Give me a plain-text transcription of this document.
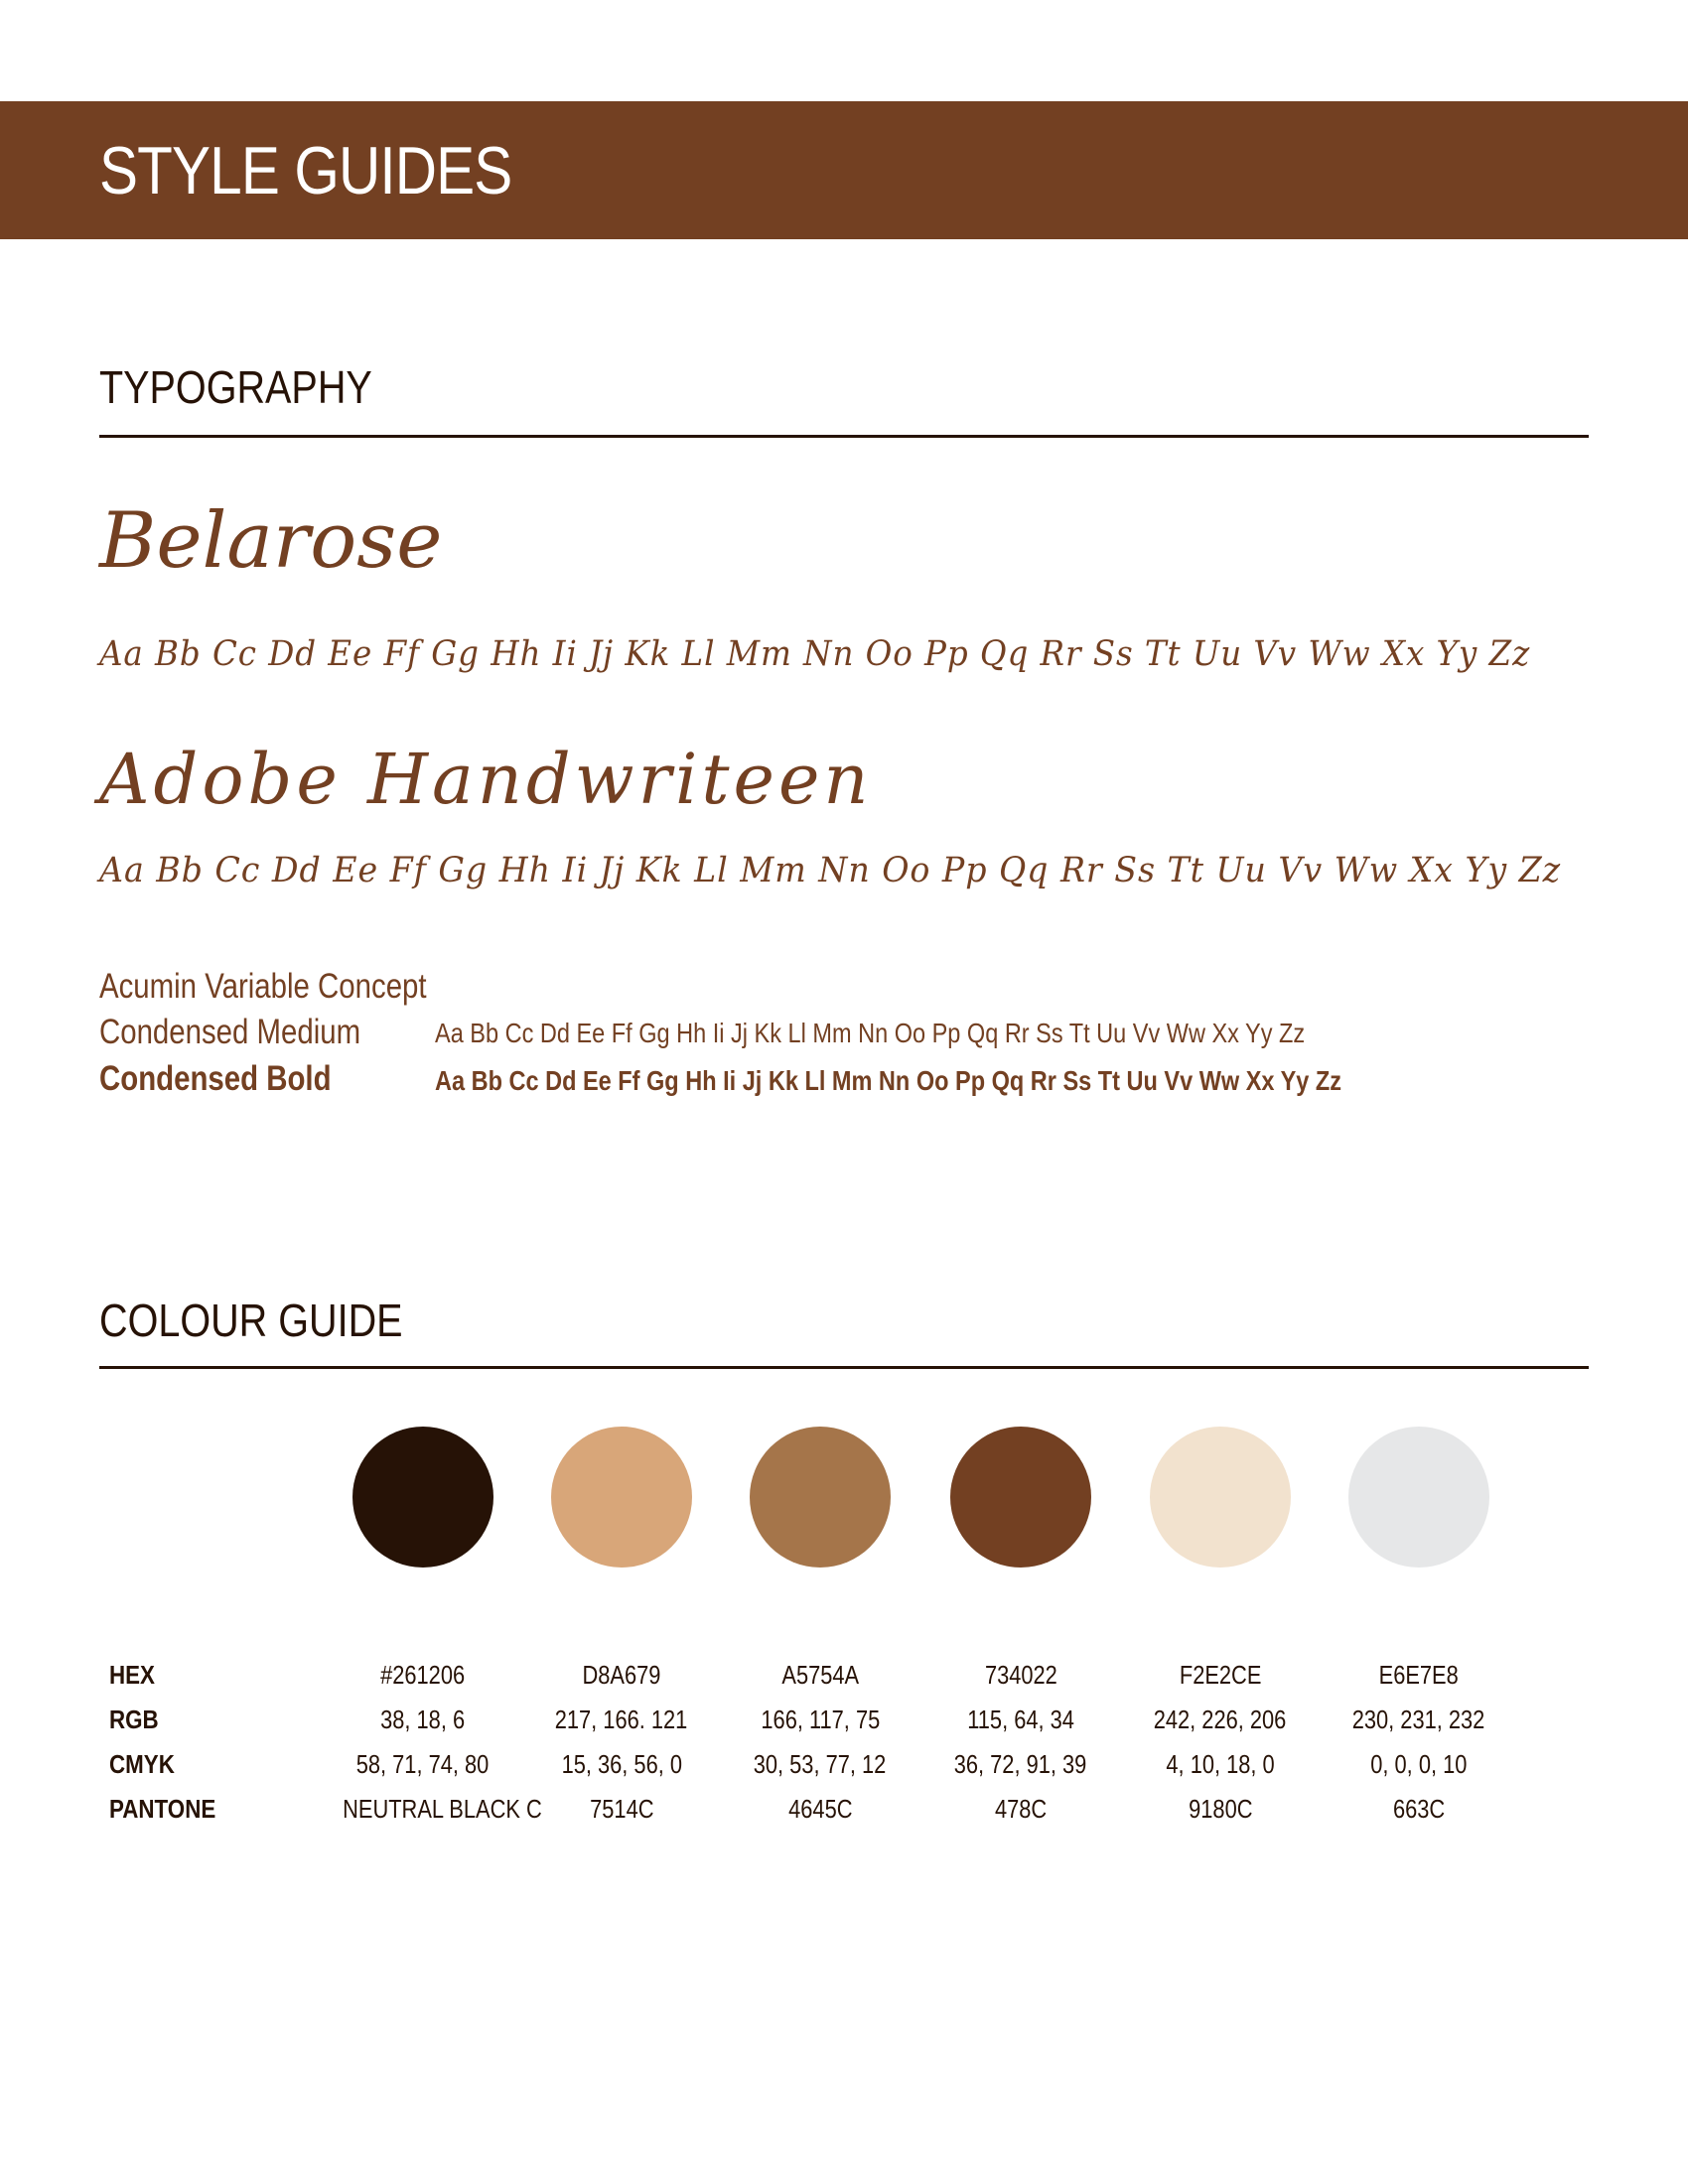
STYLE GUIDES
TYPOGRAPHY
Belarose
Aa Bb Cc Dd Ee Ff Gg Hh Ii Jj Kk Ll Mm Nn Oo Pp Qq Rr Ss Tt Uu Vv Ww Xx Yy Zz
Adobe Handwriteen
Aa Bb Cc Dd Ee Ff Gg Hh Ii Jj Kk Ll Mm Nn Oo Pp Qq Rr Ss Tt Uu Vv Ww Xx Yy Zz
Acumin Variable Concept
Condensed Medium	Aa Bb Cc Dd Ee Ff Gg Hh Ii Jj Kk Ll Mm Nn Oo Pp Qq Rr Ss Tt Uu Vv Ww Xx Yy Zz
Condensed Bold	Aa Bb Cc Dd Ee Ff Gg Hh Ii Jj Kk Ll Mm Nn Oo Pp Qq Rr Ss Tt Uu Vv Ww Xx Yy Zz
COLOUR GUIDE
HEX
RGB
CMYK
PANTONE
#261206
38, 18, 6
58, 71, 74, 80
NEUTRAL BLACK C
D8A679
217, 166. 121
15, 36, 56, 0
7514C
A5754A
166, 117, 75
30, 53, 77, 12
4645C
734022
115, 64, 34
36, 72, 91, 39
478C
F2E2CE
242, 226, 206
4, 10, 18, 0
9180C
E6E7E8
230, 231, 232
0, 0, 0, 10
663C
